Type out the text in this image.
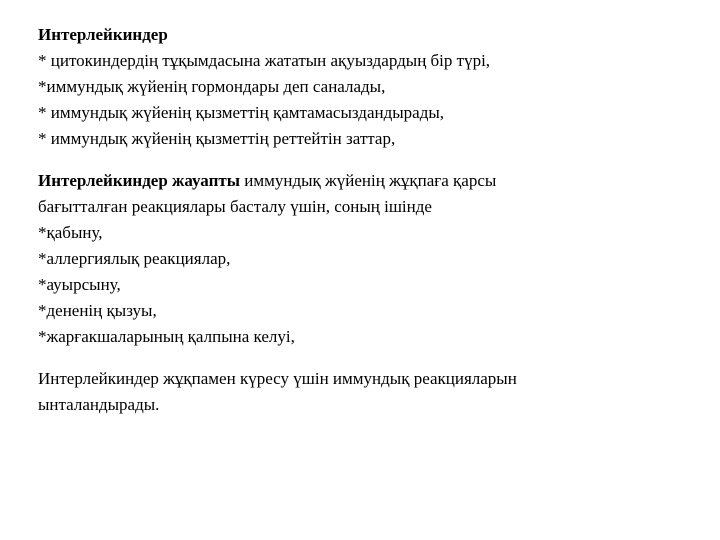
Интерлейкиндер
* цитокиндердің тұқымдасына жататын ақуыздардың бір түрі,
*иммундық жүйенің гормондары деп саналады,
* иммундық жүйенің қызметтің қамтамасыздандырады,
* иммундық жүйенің қызметтің реттейтін заттар,
Интерлейкиндер жауапты иммундық жүйенің жұқпаға қарсы
бағытталған реакциялары басталу үшін, соның ішінде
*қабыну,
*аллергиялық реакциялар,
*ауырсыну,
*дененің қызуы,
*жарғакшаларының қалпына келуі,
Интерлейкиндер жұқпамен күресу үшін иммундық реакцияларын
ынталандырады.
